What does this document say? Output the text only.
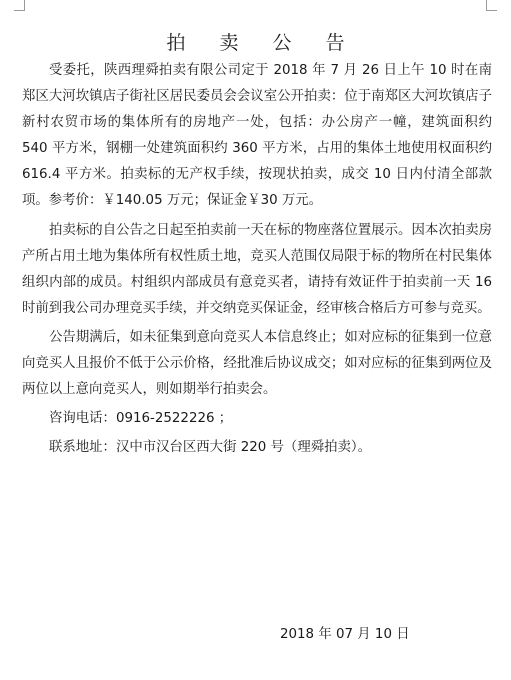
拍 卖 公 告

受委托，陕西理舜拍卖有限公司定于 2018 年 7 月 26 日上午 10 时在南郑区大河坎镇店子街社区居民委员会会议室公开拍卖：位于南郑区大河坎镇店子新村农贸市场的集体所有的房地产一处，包括：办公房产一幢，建筑面积约 540 平方米，钢棚一处建筑面积约 360 平方米，占用的集体土地使用权面积约 616.4 平方米。拍卖标的无产权手续，按现状拍卖，成交 10 日内付清全部款项。参考价：￥140.05 万元；保证金￥30 万元。

拍卖标的自公告之日起至拍卖前一天在标的物座落位置展示。因本次拍卖房产所占用土地为集体所有权性质土地，竞买人范围仅局限于标的物所在村民集体组织内部的成员。村组织内部成员有意竞买者，请持有效证件于拍卖前一天 16 时前到我公司办理竞买手续，并交纳竞买保证金，经审核合格后方可参与竞买。

公告期满后，如未征集到意向竞买人本信息终止；如对应标的征集到一位意向竞买人且报价不低于公示价格，经批准后协议成交；如对应标的征集到两位及两位以上意向竞买人，则如期举行拍卖会。

咨询电话：0916-2522226 ；

联系地址：汉中市汉台区西大街 220 号（理舜拍卖）。

2018 年 07 月 10 日
